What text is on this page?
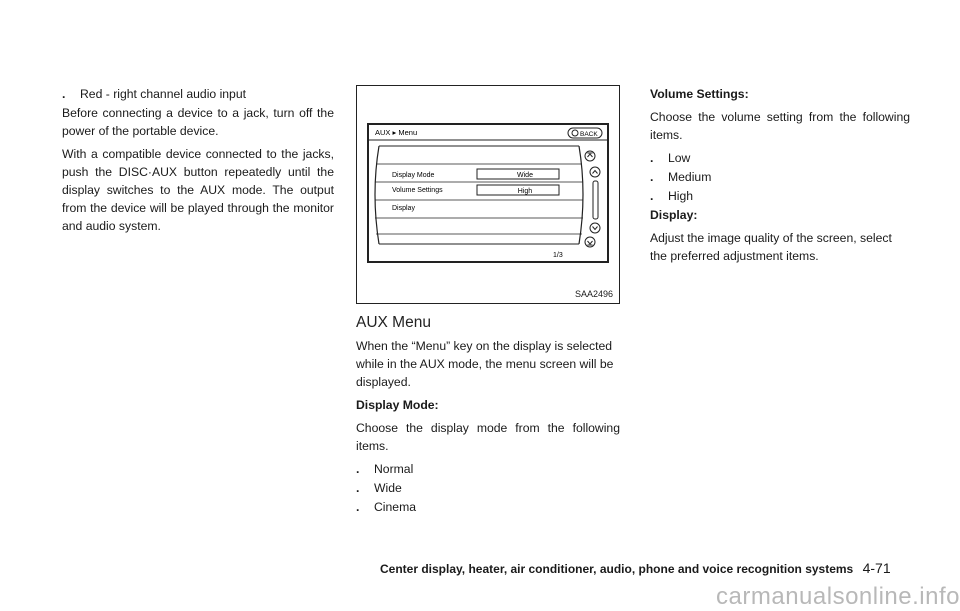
.	Red - right channel audio input

Before connecting a device to a jack, turn off the power of the portable device.

With a compatible device connected to the jacks, push the DISC·AUX button repeatedly until the display switches to the AUX mode. The output from the device will be played through the monitor and audio system.

AUX ▸ Menu	BACK
Display Mode	Wide
Volume Settings	High
Display
1/3
SAA2496
AUX Menu

When the “Menu” key on the display is selected while in the AUX mode, the menu screen will be displayed.

Display Mode:

Choose the display mode from the following items.

.	Normal
.	Wide
.	Cinema

Volume Settings:

Choose the volume setting from the following items.

.	Low
.	Medium
.	High

Display:

Adjust the image quality of the screen, select the preferred adjustment items.

Center display, heater, air conditioner, audio, phone and voice recognition systems 4-71
carmanualsonline.info
